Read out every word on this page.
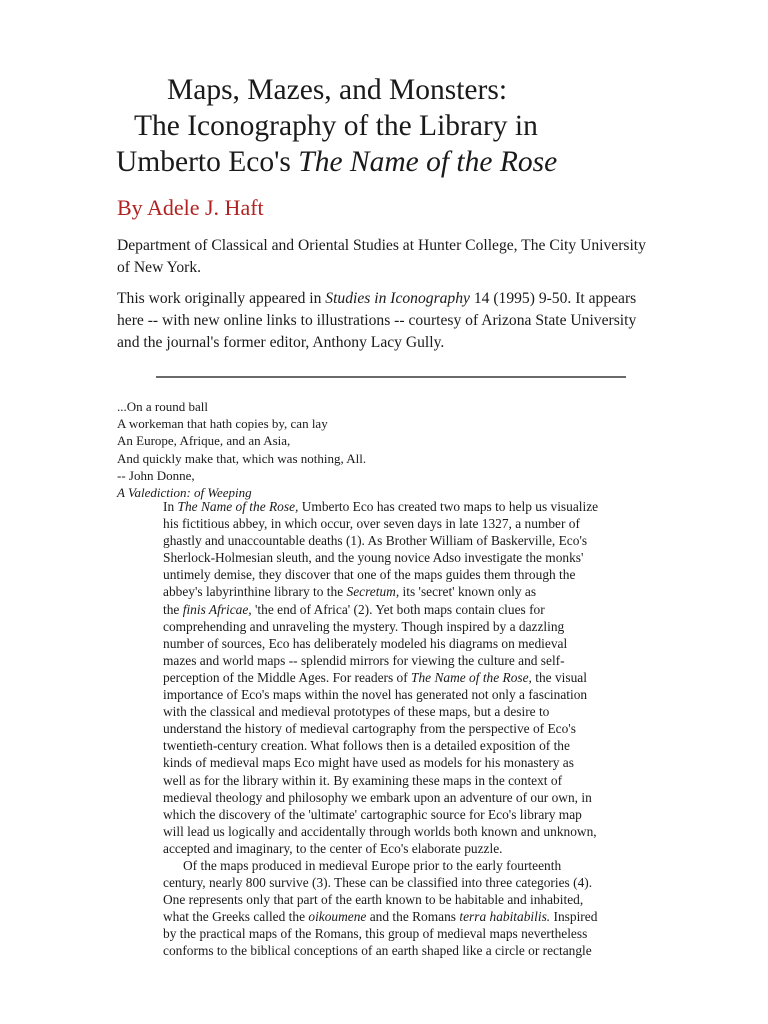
Maps, Mazes, and Monsters:
The Iconography of the Library in
Umberto Eco's The Name of the Rose
By Adele J. Haft

Department of Classical and Oriental Studies at Hunter College, The City University of New York.

This work originally appeared in Studies in Iconography 14 (1995) 9-50. It appears here -- with new online links to illustrations -- courtesy of Arizona State University and the journal's former editor, Anthony Lacy Gully.

...On a round ball
A workeman that hath copies by, can lay
An Europe, Afrique, and an Asia,
And quickly make that, which was nothing, All.
-- John Donne,
A Valediction: of Weeping
In The Name of the Rose, Umberto Eco has created two maps to help us visualize
his fictitious abbey, in which occur, over seven days in late 1327, a number of
ghastly and unaccountable deaths (1). As Brother William of Baskerville, Eco's
Sherlock-Holmesian sleuth, and the young novice Adso investigate the monks'
untimely demise, they discover that one of the maps guides them through the
abbey's labyrinthine library to the Secretum, its 'secret' known only as
the finis Africae, 'the end of Africa' (2). Yet both maps contain clues for
comprehending and unraveling the mystery. Though inspired by a dazzling
number of sources, Eco has deliberately modeled his diagrams on medieval
mazes and world maps -- splendid mirrors for viewing the culture and self-
perception of the Middle Ages. For readers of The Name of the Rose, the visual
importance of Eco's maps within the novel has generated not only a fascination
with the classical and medieval prototypes of these maps, but a desire to
understand the history of medieval cartography from the perspective of Eco's
twentieth-century creation. What follows then is a detailed exposition of the
kinds of medieval maps Eco might have used as models for his monastery as
well as for the library within it. By examining these maps in the context of
medieval theology and philosophy we embark upon an adventure of our own, in
which the discovery of the 'ultimate' cartographic source for Eco's library map
will lead us logically and accidentally through worlds both known and unknown,
accepted and imaginary, to the center of Eco's elaborate puzzle.
Of the maps produced in medieval Europe prior to the early fourteenth
century, nearly 800 survive (3). These can be classified into three categories (4).
One represents only that part of the earth known to be habitable and inhabited,
what the Greeks called the oikoumene and the Romans terra habitabilis. Inspired
by the practical maps of the Romans, this group of medieval maps nevertheless
conforms to the biblical conceptions of an earth shaped like a circle or rectangle
